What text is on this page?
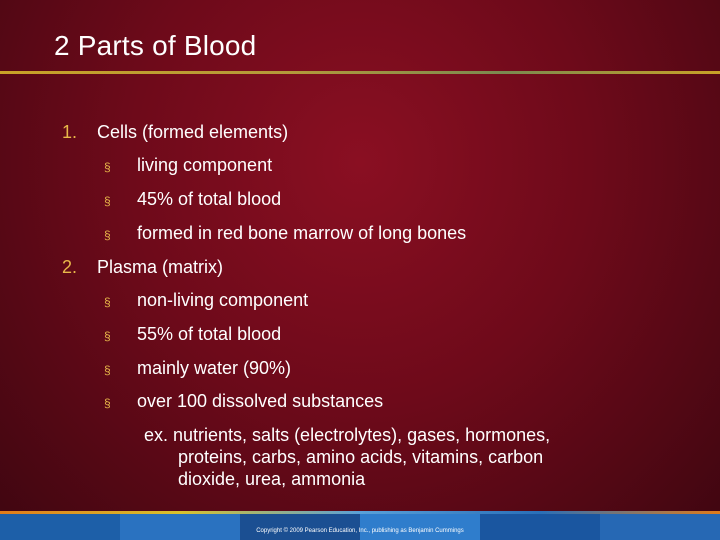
2 Parts of Blood
1.	Cells (formed elements)
§	living component
§	45% of total blood
§	formed in red bone marrow of long bones
2.	Plasma (matrix)
§	non-living component
§	55% of total blood
§	mainly water (90%)
§	over 100 dissolved substances
ex. nutrients, salts (electrolytes), gases, hormones,
proteins, carbs, amino acids, vitamins, carbon
dioxide, urea, ammonia
Copyright © 2009 Pearson Education, Inc., publishing as Benjamin Cummings
